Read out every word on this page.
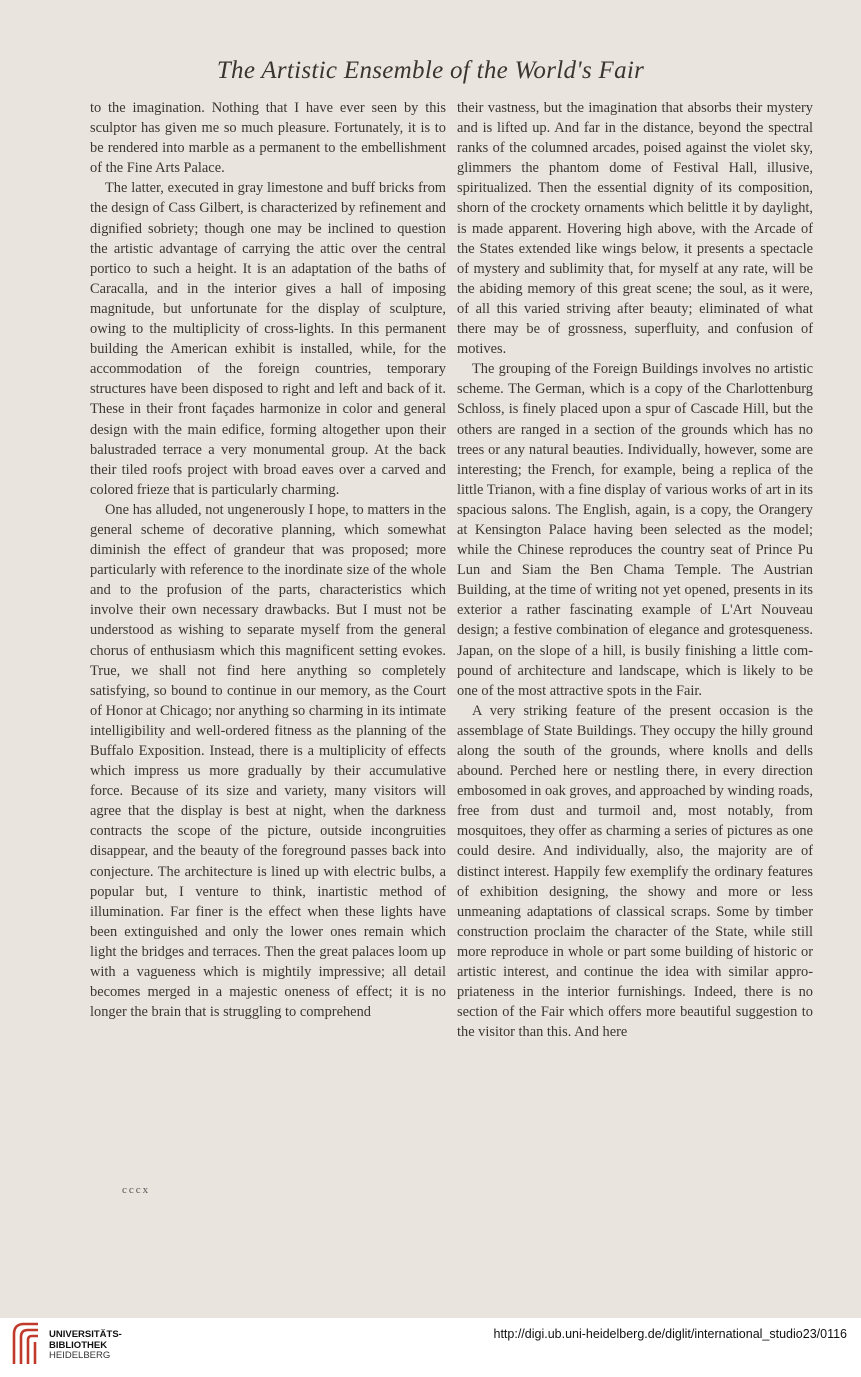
The Artistic Ensemble of the World's Fair

to the imagination. Nothing that I have ever seen by this sculptor has given me so much pleasure. Fortunately, it is to be rendered into marble as a permanent to the embellishment of the Fine Arts Palace.

The latter, executed in gray limestone and buff bricks from the design of Cass Gilbert, is characterized by refinement and dignified sobriety; though one may be inclined to question the artistic advantage of carrying the attic over the central portico to such a height. It is an adaptation of the baths of Caracalla, and in the interior gives a hall of imposing magnitude, but unfortunate for the display of sculpture, owing to the multiplicity of cross-lights. In this permanent building the American exhibit is installed, while, for the accommodation of the foreign countries, temporary structures have been disposed to right and left and back of it. These in their front façades harmonize in color and general design with the main edifice, forming altogether upon their balustraded terrace a very monumental group. At the back their tiled roofs project with broad eaves over a carved and colored frieze that is particularly charming.

One has alluded, not ungenerously I hope, to matters in the general scheme of decorative planning, which somewhat diminish the effect of grandeur that was proposed; more particularly with reference to the inordinate size of the whole and to the profusion of the parts, characteristics which involve their own necessary drawbacks. But I must not be understood as wishing to separate myself from the general chorus of enthusiasm which this magnificent setting evokes. True, we shall not find here anything so completely satisfying, so bound to continue in our memory, as the Court of Honor at Chicago; nor anything so charming in its intimate intelligibility and well-ordered fitness as the planning of the Buffalo Exposition. Instead, there is a multiplicity of effects which impress us more gradually by their accumulative force. Because of its size and variety, many visitors will agree that the display is best at night, when the darkness contracts the scope of the picture, outside incongruities disappear, and the beauty of the foreground passes back into conjecture. The architecture is lined up with electric bulbs, a popular but, I venture to think, inartistic method of illumination. Far finer is the effect when these lights have been extinguished and only the lower ones remain which light the bridges and terraces. Then the great palaces loom up with a vagueness which is mightily impressive; all detail becomes merged in a majestic oneness of effect; it is no longer the brain that is struggling to comprehend

their vastness, but the imagination that absorbs their mystery and is lifted up. And far in the distance, beyond the spectral ranks of the columned arcades, poised against the violet sky, glimmers the phantom dome of Festival Hall, illusive, spiritualized. Then the essential dignity of its composition, shorn of the crockety ornaments which belittle it by daylight, is made apparent. Hovering high above, with the Arcade of the States extended like wings below, it presents a spectacle of mystery and sublimity that, for myself at any rate, will be the abiding memory of this great scene; the soul, as it were, of all this varied striving after beauty; eliminated of what there may be of grossness, superfluity, and confusion of motives.

The grouping of the Foreign Buildings involves no artistic scheme. The German, which is a copy of the Charlottenburg Schloss, is finely placed upon a spur of Cascade Hill, but the others are ranged in a section of the grounds which has no trees or any natural beauties. Individually, however, some are interesting; the French, for example, being a replica of the little Trianon, with a fine display of various works of art in its spacious salons. The English, again, is a copy, the Orangery at Kensington Palace having been selected as the model; while the Chinese reproduces the country seat of Prince Pu Lun and Siam the Ben Chama Temple. The Austrian Building, at the time of writing not yet opened, presents in its exterior a rather fascinating example of L'Art Nouveau design; a festive combination of elegance and grotesqueness. Japan, on the slope of a hill, is busily finishing a little compound of architecture and landscape, which is likely to be one of the most attractive spots in the Fair.

A very striking feature of the present occasion is the assemblage of State Buildings. They occupy the hilly ground along the south of the grounds, where knolls and dells abound. Perched here or nestling there, in every direction embosomed in oak groves, and approached by winding roads, free from dust and turmoil and, most notably, from mosquitoes, they offer as charming a series of pictures as one could desire. And individually, also, the majority are of distinct interest. Happily few exemplify the ordinary features of exhibition designing, the showy and more or less unmeaning adaptations of classical scraps. Some by timber construction proclaim the character of the State, while still more reproduce in whole or part some building of historic or artistic interest, and continue the idea with similar appropriateness in the interior furnishings. Indeed, there is no section of the Fair which offers more beautiful suggestion to the visitor than this. And here

cccx
UNIVERSITÄTS-
BIBLIOTHEK
HEIDELBERG
http://digi.ub.uni-heidelberg.de/diglit/international_studio23/0116
